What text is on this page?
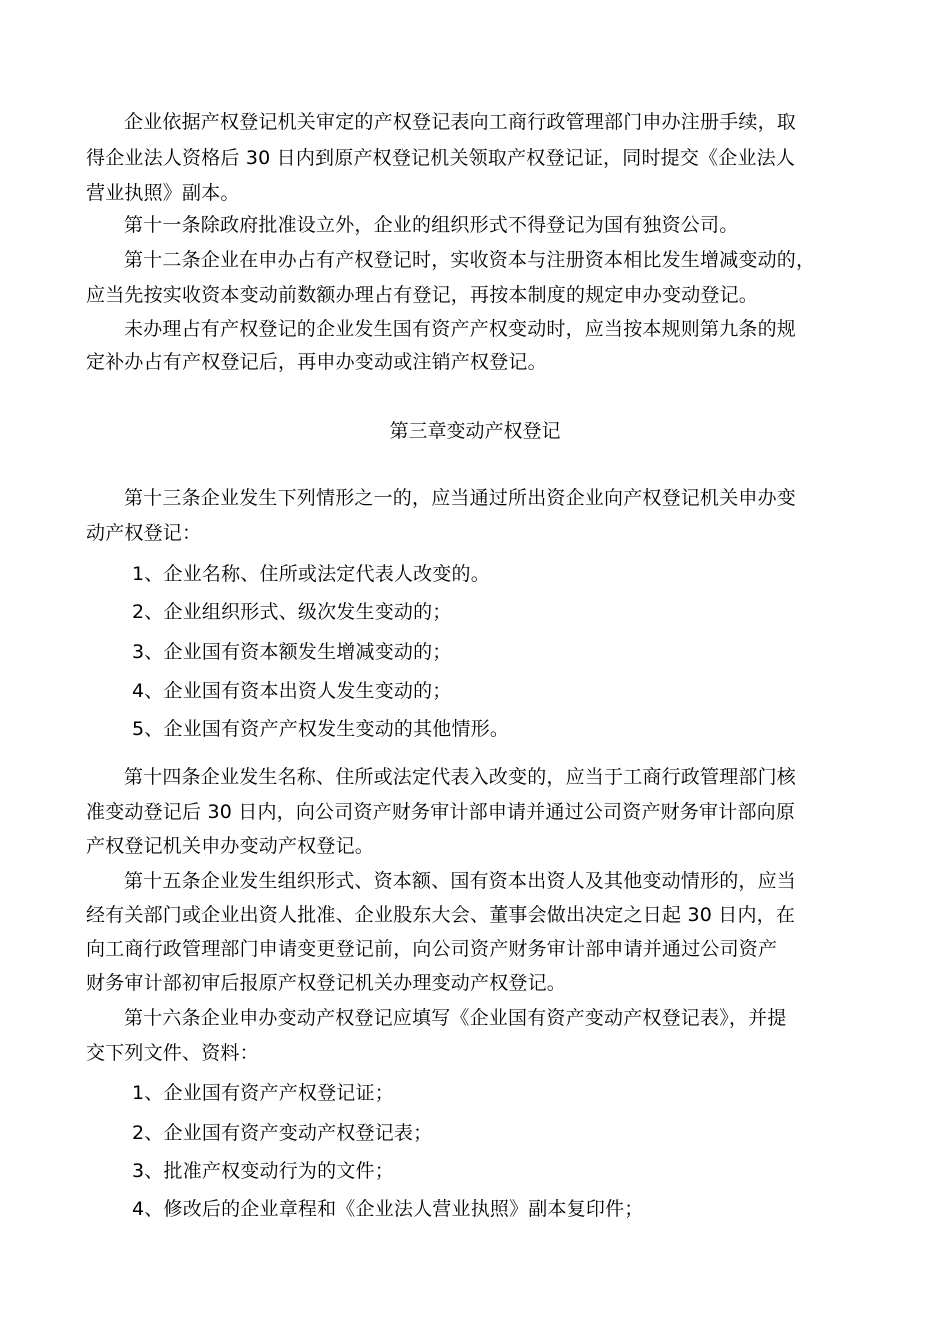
企业依据产权登记机关审定的产权登记表向工商行政管理部门申办注册手续，取
得企业法人资格后 30 日内到原产权登记机关领取产权登记证，同时提交《企业法人
营业执照》副本。
第十一条除政府批准设立外，企业的组织形式不得登记为国有独资公司。
第十二条企业在申办占有产权登记时，实收资本与注册资本相比发生增减变动的，
应当先按实收资本变动前数额办理占有登记，再按本制度的规定申办变动登记。
未办理占有产权登记的企业发生国有资产产权变动时，应当按本规则第九条的规
定补办占有产权登记后，再申办变动或注销产权登记。
第三章变动产权登记
第十三条企业发生下列情形之一的，应当通过所出资企业向产权登记机关申办变
动产权登记：
1、企业名称、住所或法定代表人改变的。
2、企业组织形式、级次发生变动的；
3、企业国有资本额发生增减变动的；
4、企业国有资本出资人发生变动的；
5、企业国有资产产权发生变动的其他情形。
第十四条企业发生名称、住所或法定代表入改变的，应当于工商行政管理部门核
准变动登记后 30 日内，向公司资产财务审计部申请并通过公司资产财务审计部向原
产权登记机关申办变动产权登记。
第十五条企业发生组织形式、资本额、国有资本出资人及其他变动情形的，应当
经有关部门或企业出资人批准、企业股东大会、董事会做出决定之日起 30 日内，在
向工商行政管理部门申请变更登记前，向公司资产财务审计部申请并通过公司资产
财务审计部初审后报原产权登记机关办理变动产权登记。
第十六条企业申办变动产权登记应填写《企业国有资产变动产权登记表》，并提
交下列文件、资料：
1、企业国有资产产权登记证；
2、企业国有资产变动产权登记表；
3、批准产权变动行为的文件；
4、修改后的企业章程和《企业法人营业执照》副本复印件；
